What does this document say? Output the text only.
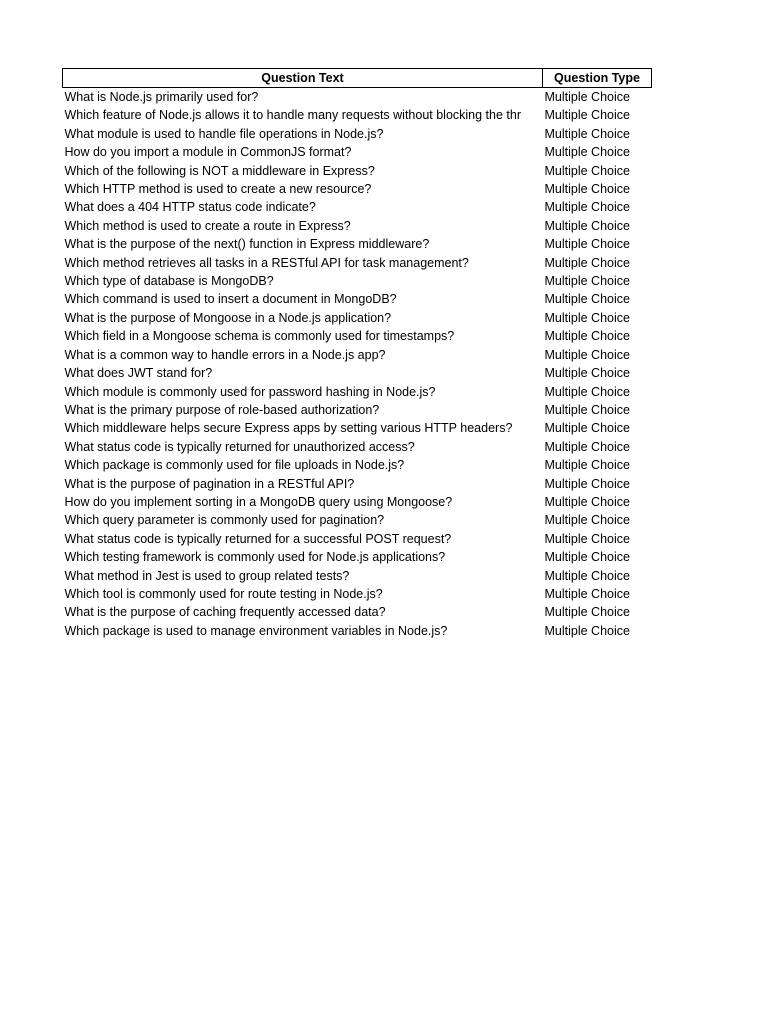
Question Text	Question Type
What is Node.js primarily used for?	Multiple Choice
Which feature of Node.js allows it to handle many requests without blocking the thr	Multiple Choice
What module is used to handle file operations in Node.js?	Multiple Choice
How do you import a module in CommonJS format?	Multiple Choice
Which of the following is NOT a middleware in Express?	Multiple Choice
Which HTTP method is used to create a new resource?	Multiple Choice
What does a 404 HTTP status code indicate?	Multiple Choice
Which method is used to create a route in Express?	Multiple Choice
What is the purpose of the next() function in Express middleware?	Multiple Choice
Which method retrieves all tasks in a RESTful API for task management?	Multiple Choice
Which type of database is MongoDB?	Multiple Choice
Which command is used to insert a document in MongoDB?	Multiple Choice
What is the purpose of Mongoose in a Node.js application?	Multiple Choice
Which field in a Mongoose schema is commonly used for timestamps?	Multiple Choice
What is a common way to handle errors in a Node.js app?	Multiple Choice
What does JWT stand for?	Multiple Choice
Which module is commonly used for password hashing in Node.js?	Multiple Choice
What is the primary purpose of role-based authorization?	Multiple Choice
Which middleware helps secure Express apps by setting various HTTP headers?	Multiple Choice
What status code is typically returned for unauthorized access?	Multiple Choice
Which package is commonly used for file uploads in Node.js?	Multiple Choice
What is the purpose of pagination in a RESTful API?	Multiple Choice
How do you implement sorting in a MongoDB query using Mongoose?	Multiple Choice
Which query parameter is commonly used for pagination?	Multiple Choice
What status code is typically returned for a successful POST request?	Multiple Choice
Which testing framework is commonly used for Node.js applications?	Multiple Choice
What method in Jest is used to group related tests?	Multiple Choice
Which tool is commonly used for route testing in Node.js?	Multiple Choice
What is the purpose of caching frequently accessed data?	Multiple Choice
Which package is used to manage environment variables in Node.js?	Multiple Choice
